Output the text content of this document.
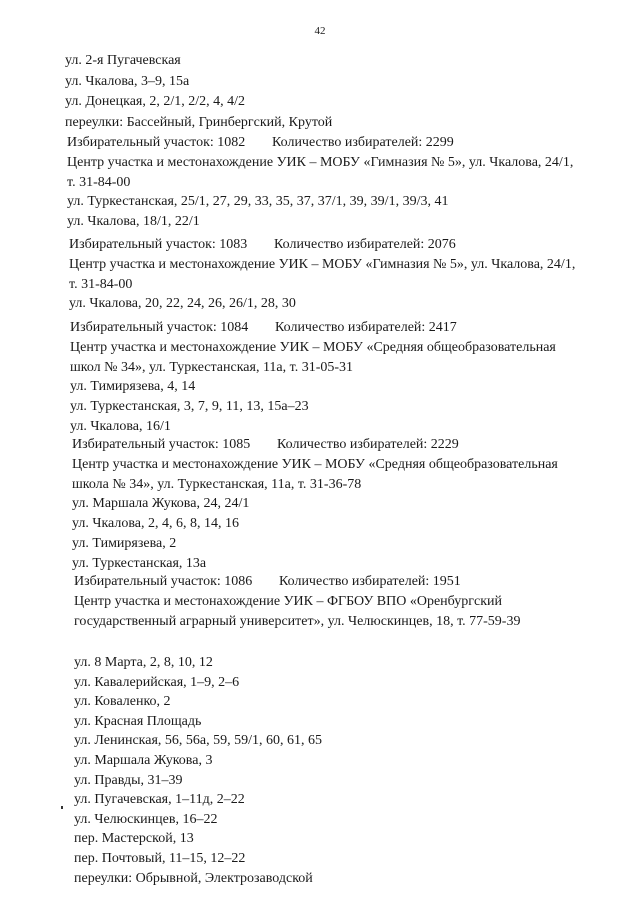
42
ул. 2-я Пугачевская
ул. Чкалова, 3–9, 15а
ул. Донецкая, 2, 2/1, 2/2, 4, 4/2
переулки: Бассейный, Гринбергский, Крутой
Избирательный участок: 1082 Количество избирателей: 2299
Центр участка и местонахождение УИК – МОБУ «Гимназия № 5», ул. Чкалова, 24/1,
т. 31-84-00
ул. Туркестанская, 25/1, 27, 29, 33, 35, 37, 37/1, 39, 39/1, 39/3, 41
ул. Чкалова, 18/1, 22/1
Избирательный участок: 1083 Количество избирателей: 2076
Центр участка и местонахождение УИК – МОБУ «Гимназия № 5», ул. Чкалова, 24/1,
т. 31-84-00
ул. Чкалова, 20, 22, 24, 26, 26/1, 28, 30
Избирательный участок: 1084 Количество избирателей: 2417
Центр участка и местонахождение УИК – МОБУ «Средняя общеобразовательная
школ № 34», ул. Туркестанская, 11а, т. 31-05-31
ул. Тимирязева, 4, 14
ул. Туркестанская, 3, 7, 9, 11, 13, 15а–23
ул. Чкалова, 16/1
Избирательный участок: 1085 Количество избирателей: 2229
Центр участка и местонахождение УИК – МОБУ «Средняя общеобразовательная
школа № 34», ул. Туркестанская, 11а, т. 31-36-78
ул. Маршала Жукова, 24, 24/1
ул. Чкалова, 2, 4, 6, 8, 14, 16
ул. Тимирязева, 2
ул. Туркестанская, 13а
Избирательный участок: 1086 Количество избирателей: 1951
Центр участка и местонахождение УИК – ФГБОУ ВПО «Оренбургский
государственный аграрный университет», ул. Челюскинцев, 18, т. 77-59-39
ул. 8 Марта, 2, 8, 10, 12
ул. Кавалерийская, 1–9, 2–6
ул. Коваленко, 2
ул. Красная Площадь
ул. Ленинская, 56, 56а, 59, 59/1, 60, 61, 65
ул. Маршала Жукова, 3
ул. Правды, 31–39
ул. Пугачевская, 1–11д, 2–22
ул. Челюскинцев, 16–22
пер. Мастерской, 13
пер. Почтовый, 11–15, 12–22
переулки: Обрывной, Электрозаводской
